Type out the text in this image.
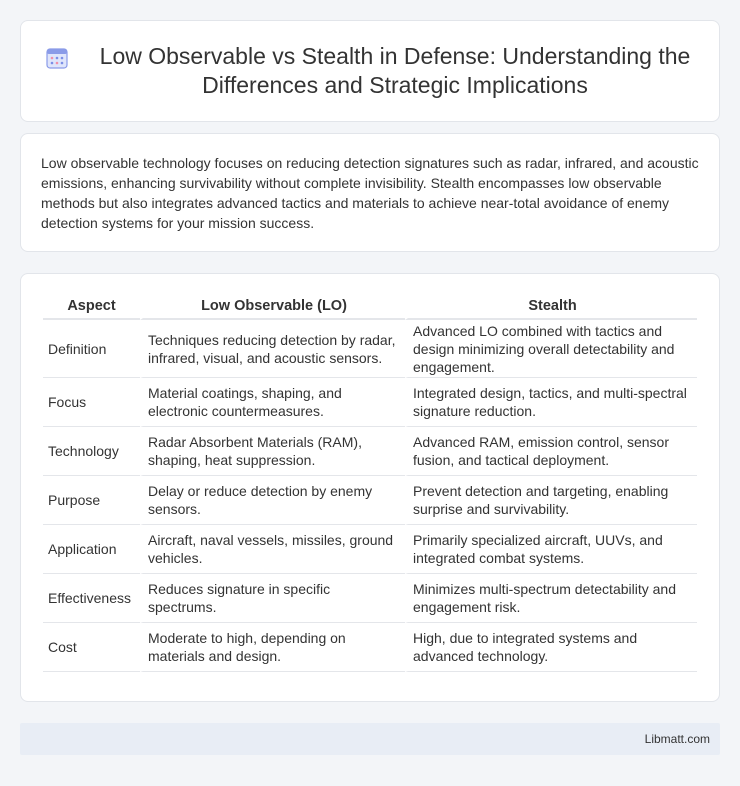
Low Observable vs Stealth in Defense: Understanding the Differences and Strategic Implications

Low observable technology focuses on reducing detection signatures such as radar, infrared, and acoustic emissions, enhancing survivability without complete invisibility. Stealth encompasses low observable methods but also integrates advanced tactics and materials to achieve near-total avoidance of enemy detection systems for your mission success.

Aspect	Low Observable (LO)	Stealth
Definition	Techniques reducing detection by radar, infrared, visual, and acoustic sensors.	Advanced LO combined with tactics and design minimizing overall detectability and engagement.
Focus	Material coatings, shaping, and electronic countermeasures.	Integrated design, tactics, and multi-spectral signature reduction.
Technology	Radar Absorbent Materials (RAM), shaping, heat suppression.	Advanced RAM, emission control, sensor fusion, and tactical deployment.
Purpose	Delay or reduce detection by enemy sensors.	Prevent detection and targeting, enabling surprise and survivability.
Application	Aircraft, naval vessels, missiles, ground vehicles.	Primarily specialized aircraft, UUVs, and integrated combat systems.
Effectiveness	Reduces signature in specific spectrums.	Minimizes multi-spectrum detectability and engagement risk.
Cost	Moderate to high, depending on materials and design.	High, due to integrated systems and advanced technology.
Libmatt.com
